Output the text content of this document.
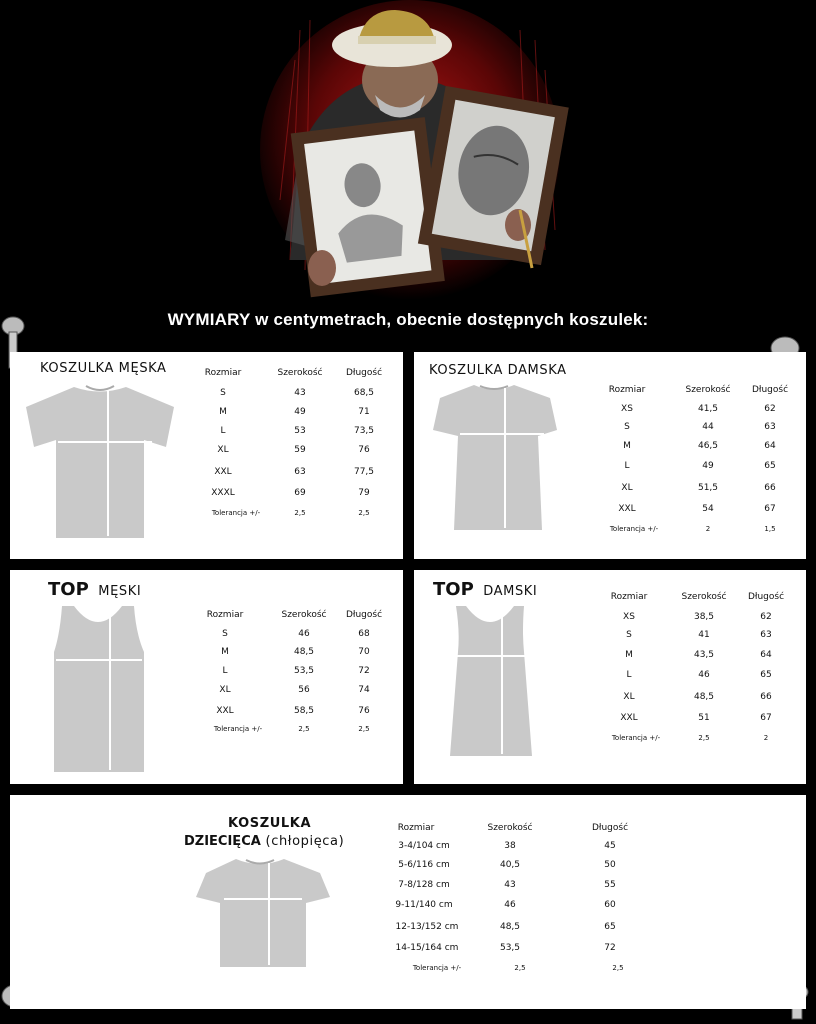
WYMIARY w centymetrach, obecnie dostępnych koszulek:
KOSZULKA MĘSKA	Rozmiar	Szerokość	Długość
S	43	68,5
M	49	71
L	53	73,5
XL	59	76
XXL	63	77,5
XXXL	69	79
Tolerancja +/-	2,5	2,5
KOSZULKA DAMSKA
Rozmiar	Szerokość	Długość
XS	41,5	62
S	44	63
M	46,5	64
L	49	65
XL	51,5	66
XXL	54	67
Tolerancja +/-	2	1,5
TOP MĘSKI
Rozmiar	Szerokość	Długość
S	46	68
M	48,5	70
L	53,5	72
XL	56	74
XXL	58,5	76
Tolerancja +/-	2,5	2,5
TOP DAMSKI	Rozmiar	Szerokość	Długość
XS	38,5	62
S	41	63
M	43,5	64
L	46	65
XL	48,5	66
XXL	51	67
Tolerancja +/-	2,5	2
KOSZULKA
DZIECIĘCA (chłopięca)
Rozmiar	Szerokość	Długość
3-4/104 cm	38	45
5-6/116 cm	40,5	50
7-8/128 cm	43	55
9-11/140 cm	46	60
12-13/152 cm	48,5	65
14-15/164 cm	53,5	72
Tolerancja +/-	2,5	2,5
